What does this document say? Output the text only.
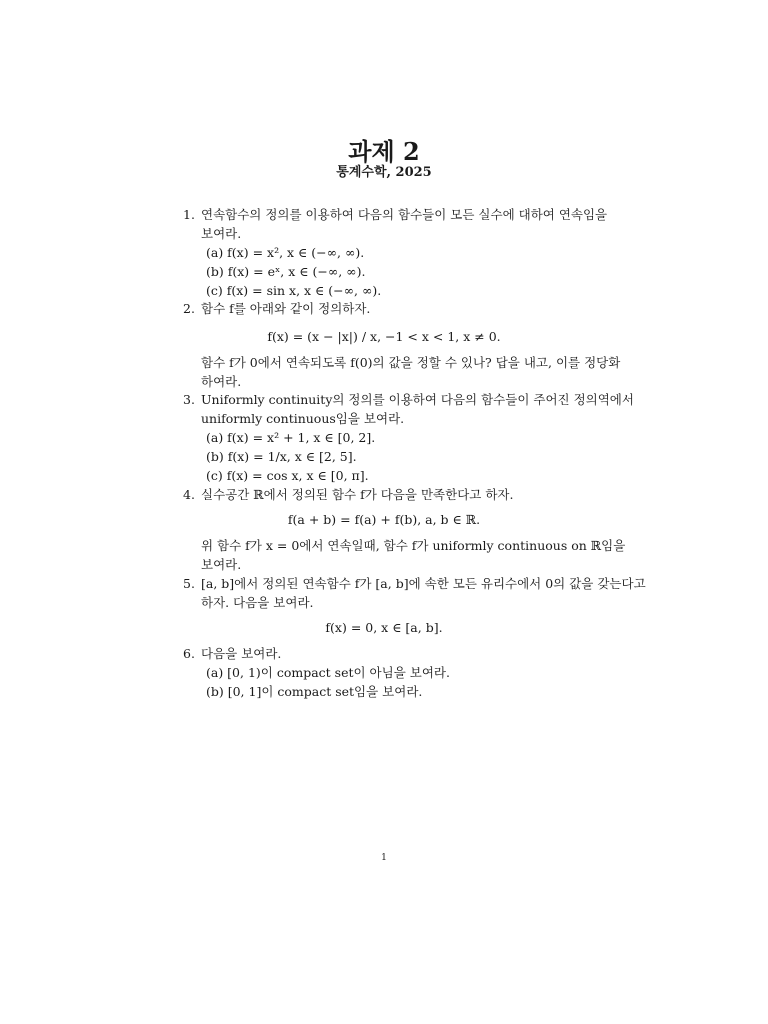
과제 2
통계수학, 2025
1. 연속함수의 정의를 이용하여 다음의 함수들이 모든 실수에 대하여 연속임을
보여라.
(a) f(x) = x², x ∈ (−∞, ∞).
(b) f(x) = eˣ, x ∈ (−∞, ∞).
(c) f(x) = sin x, x ∈ (−∞, ∞).
2. 함수 f를 아래와 같이 정의하자.
f(x) = (x − |x|) / x, −1 < x < 1, x ≠ 0.
함수 f가 0에서 연속되도록 f(0)의 값을 정할 수 있나? 답을 내고, 이를 정당화
하여라.
3. Uniformly continuity의 정의를 이용하여 다음의 함수들이 주어진 정의역에서
uniformly continuous임을 보여라.
(a) f(x) = x² + 1, x ∈ [0, 2].
(b) f(x) = 1/x, x ∈ [2, 5].
(c) f(x) = cos x, x ∈ [0, π].
4. 실수공간 ℝ에서 정의된 함수 f가 다음을 만족한다고 하자.
f(a + b) = f(a) + f(b), a, b ∈ ℝ.
위 함수 f가 x = 0에서 연속일때, 함수 f가 uniformly continuous on ℝ임을
보여라.
5. [a, b]에서 정의된 연속함수 f가 [a, b]에 속한 모든 유리수에서 0의 값을 갖는다고
하자. 다음을 보여라.
f(x) = 0, x ∈ [a, b].
6. 다음을 보여라.
(a) [0, 1)이 compact set이 아님을 보여라.
(b) [0, 1]이 compact set임을 보여라.
1
